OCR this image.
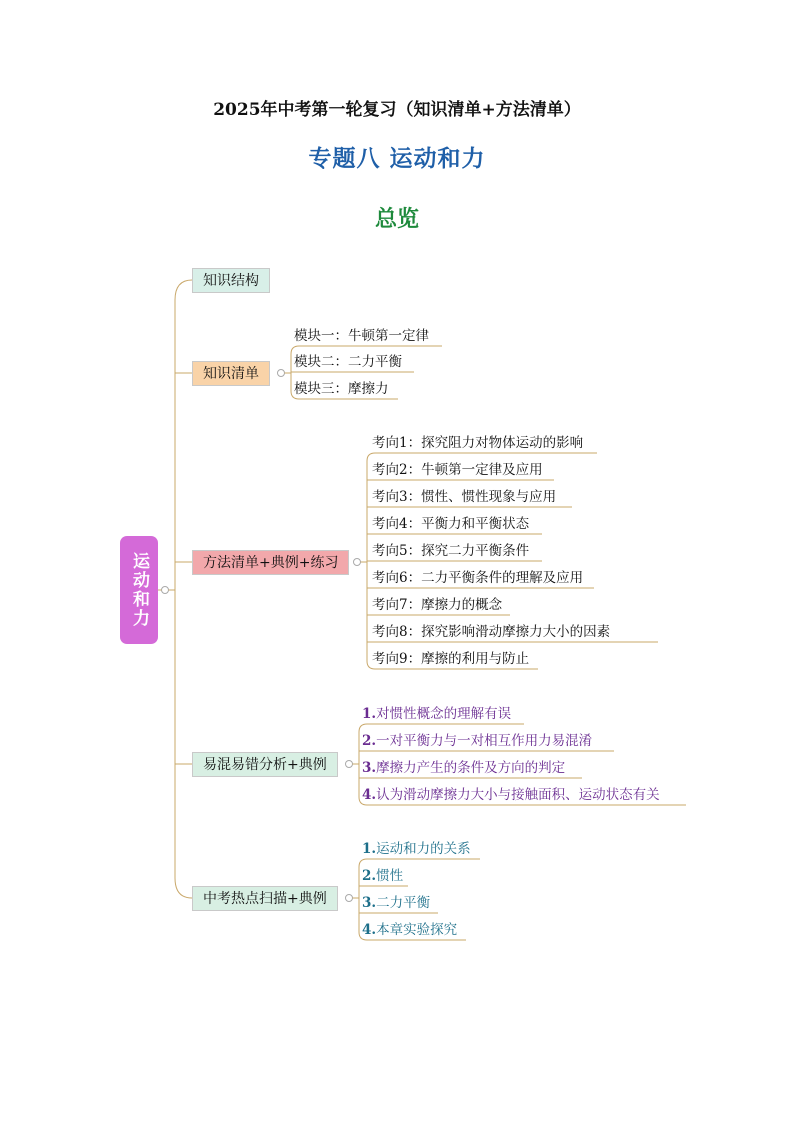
2025年中考第一轮复习（知识清单+方法清单）
专题八 运动和力
总览
运动和力
知识结构
知识清单
模块一：牛顿第一定律
模块二：二力平衡
模块三：摩擦力
方法清单+典例+练习
考向1：探究阻力对物体运动的影响
考向2：牛顿第一定律及应用
考向3：惯性、惯性现象与应用
考向4：平衡力和平衡状态
考向5：探究二力平衡条件
考向6：二力平衡条件的理解及应用
考向7：摩擦力的概念
考向8：探究影响滑动摩擦力大小的因素
考向9：摩擦的利用与防止
易混易错分析+典例
1.对惯性概念的理解有误
2.一对平衡力与一对相互作用力易混淆
3.摩擦力产生的条件及方向的判定
4.认为滑动摩擦力大小与接触面积、运动状态有关
中考热点扫描+典例
1.运动和力的关系
2.惯性
3.二力平衡
4.本章实验探究
